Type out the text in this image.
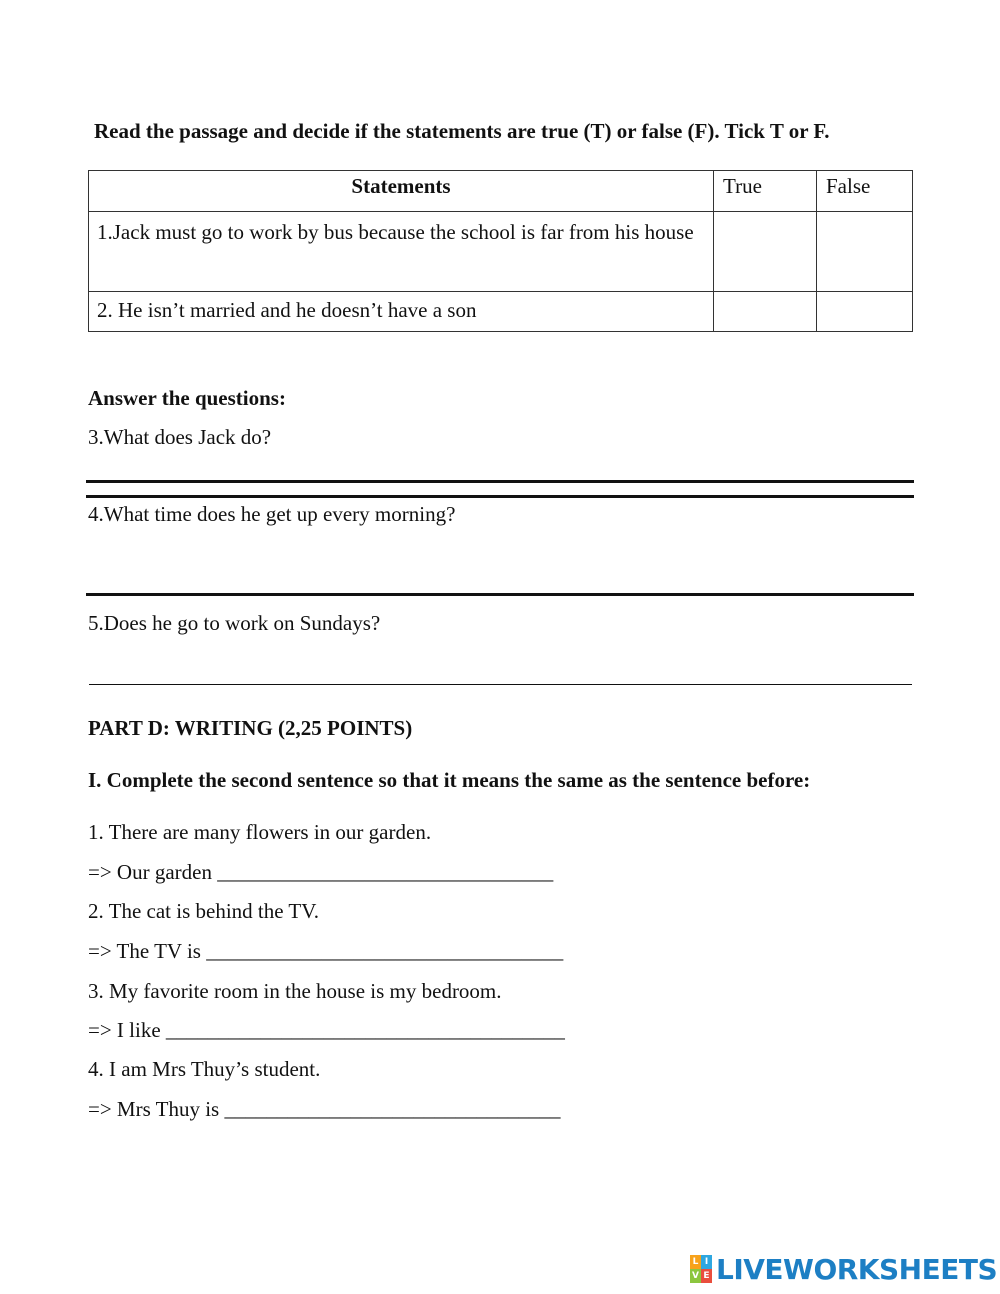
Read the passage and decide if the statements are true (T) or false (F). Tick T or F.
Statements	True	False
1.Jack must go to work by bus because the school is far from his house		
2. He isn’t married and he doesn’t have a son		
Answer the questions:
3.What does Jack do?
4.What time does he get up every morning?
5.Does he go to work on Sundays?
PART D: WRITING (2,25 POINTS)
I. Complete the second sentence so that it means the same as the sentence before:
1. There are many flowers in our garden.
=> Our garden ________________________________
2. The cat is behind the TV.
=> The TV is __________________________________
3. My favorite room in the house is my bedroom.
=> I like ______________________________________
4. I am Mrs Thuy’s student.
=> Mrs Thuy is ________________________________
L I
V E LIVEWORKSHEETS
